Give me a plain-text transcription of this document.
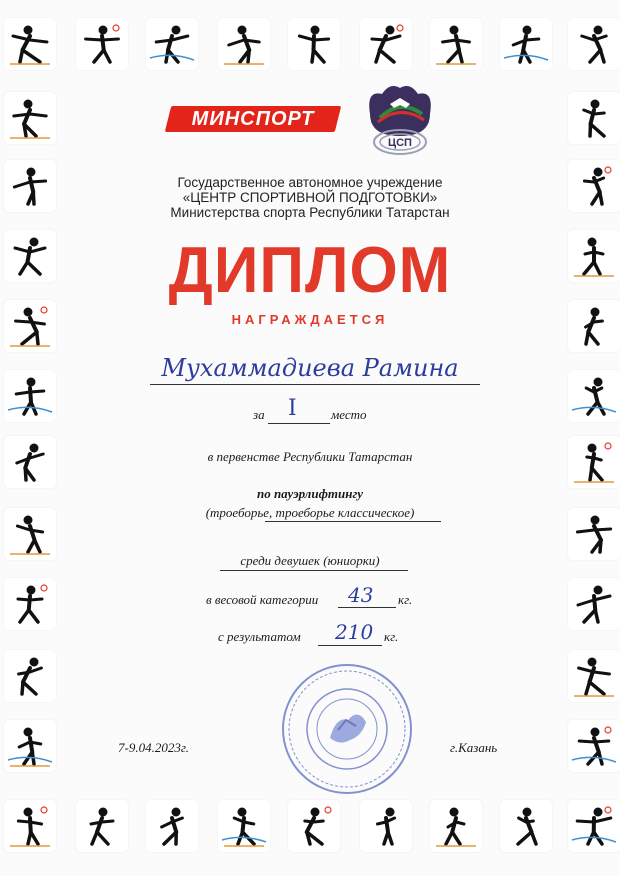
МИНСПОРТ
ЦСП
Государственное автономное учреждение
«ЦЕНТР СПОРТИВНОЙ ПОДГОТОВКИ»
Министерства спорта Республики Татарстан
ДИПЛОМ
НАГРАЖДАЕТСЯ
Мухаммадиева Рамина
за I	место
в первенстве Республики Татарстан
по пауэрлифтингу
(троеборье, троеборье классическое)
среди девушек (юниорки)
в весовой категории 43 кг.
с результатом 210 кг.
7-9.04.2023г.	г.Казань
